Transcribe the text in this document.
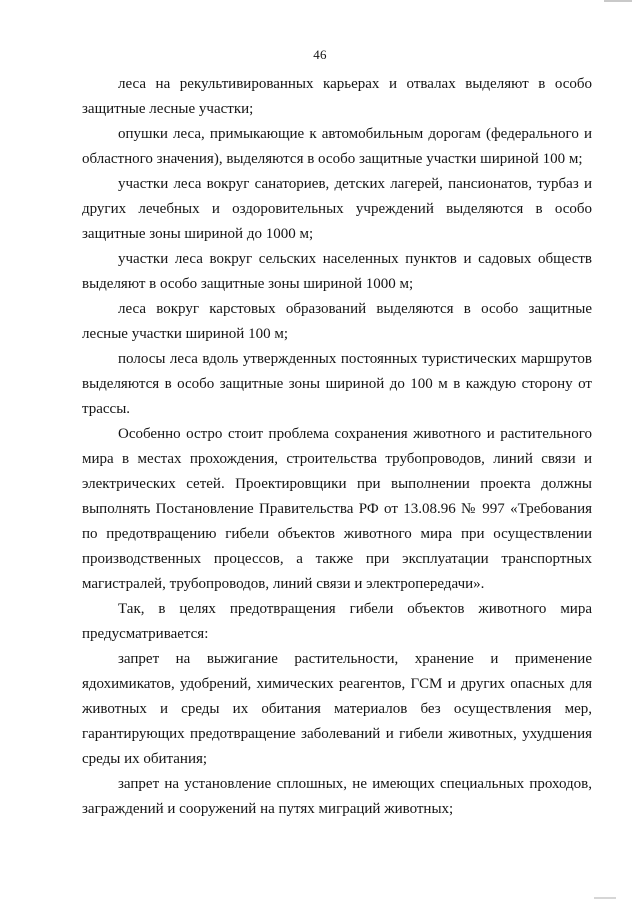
46

леса на рекультивированных карьерах и отвалах выделяют в особо защитные лесные участки;

опушки леса, примыкающие к автомобильным дорогам (федерального и областного значения), выделяются в особо защитные участки шириной 100 м;

участки леса вокруг санаториев, детских лагерей, пансионатов, турбаз и других лечебных и оздоровительных учреждений выделяются в особо защитные зоны шириной до 1000 м;

участки леса вокруг сельских населенных пунктов и садовых обществ выделяют в особо защитные зоны шириной 1000 м;

леса вокруг карстовых образований выделяются в особо защитные лесные участки шириной 100 м;

полосы леса вдоль утвержденных постоянных туристических маршрутов выделяются в особо защитные зоны шириной до 100 м в каждую сторону от трассы.

Особенно остро стоит проблема сохранения животного и растительного мира в местах прохождения, строительства трубопроводов, линий связи и электрических сетей. Проектировщики при выполнении проекта должны выполнять Постановление Правительства РФ от 13.08.96 № 997 «Требования по предотвращению гибели объектов животного мира при осуществлении производственных процессов, а также при эксплуатации транспортных магистралей, трубопроводов, линий связи и электропередачи».

Так, в целях предотвращения гибели объектов животного мира предусматривается:

запрет на выжигание растительности, хранение и применение ядохимикатов, удобрений, химических реагентов, ГСМ и других опасных для животных и среды их обитания материалов без осуществления мер, гарантирующих предотвращение заболеваний и гибели животных, ухудшения среды их обитания;

запрет на установление сплошных, не имеющих специальных проходов, заграждений и сооружений на путях миграций животных;
